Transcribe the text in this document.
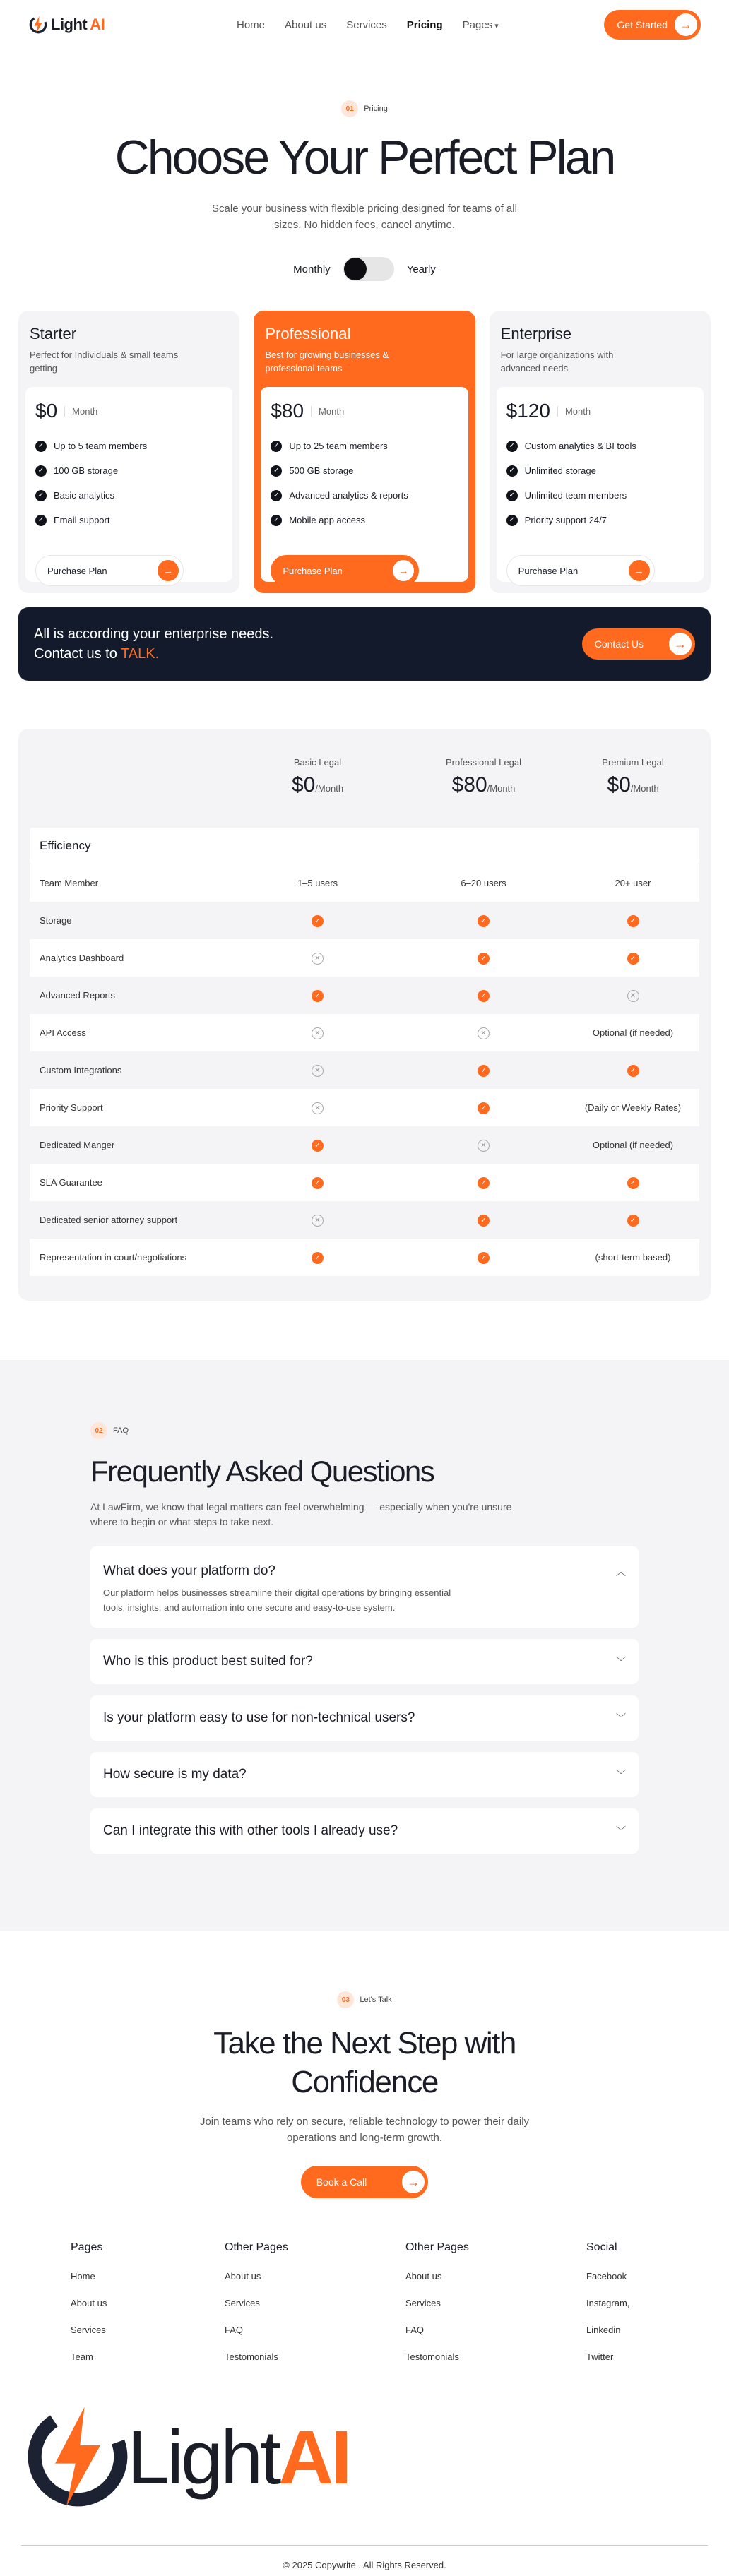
Light AI	Home About us Services Pricing Pages ▾	Get Started →
01	Pricing
Choose Your Perfect Plan

Scale your business with flexible pricing designed for teams of all sizes. No hidden fees, cancel anytime.

Monthly	Yearly
Starter

Perfect for Individuals & small teams getting

$0	Month
✓ Up to 5 team members
✓ 100 GB storage
✓ Basic analytics
✓ Email support
Purchase Plan	→
Professional

Best for growing businesses & professional teams

$80	Month
✓ Up to 25 team members
✓ 500 GB storage
✓ Advanced analytics & reports
✓ Mobile app access
Purchase Plan	→
Enterprise

For large organizations with advanced needs

$120	Month
✓ Custom analytics & BI tools
✓ Unlimited storage
✓ Unlimited team members
✓ Priority support 24/7
Purchase Plan	→

All is according your enterprise needs.
Contact us to TALK.

Contact Us	→
Basic Legal
$0/Month
Professional Legal
$80/Month
Premium Legal
$0/Month
Efficiency
Team Member	1–5 users	6–20 users	20+ user
Storage	✓	✓	✓
Analytics Dashboard	✕	✓	✓
Advanced Reports	✓	✓	✕
API Access	✕	✕	Optional (if needed)
Custom Integrations	✕	✓	✓
Priority Support	✕	✓	(Daily or Weekly Rates)
Dedicated Manger	✓	✕	Optional (if needed)
SLA Guarantee	✓	✓	✓
Dedicated senior attorney support	✕	✓	✓
Representation in court/negotiations	✓	✓	(short-term based)
02	FAQ
Frequently Asked Questions

At LawFirm, we know that legal matters can feel overwhelming — especially when you're unsure where to begin or what steps to take next.

What does your platform do?	︿

Our platform helps businesses streamline their digital operations by bringing essential tools, insights, and automation into one secure and easy-to-use system.

Who is this product best suited for?	﹀
Is your platform easy to use for non-technical users?	﹀
How secure is my data?	﹀
Can I integrate this with other tools I already use?	﹀
03	Let's Talk
Take the Next Step with
Confidence

Join teams who rely on secure, reliable technology to power their daily operations and long-term growth.

Book a Call	→
Pages
Home
About us
Services
Team
Other Pages
About us
Services
FAQ
Testomonials
Other Pages
About us
Services
FAQ
Testomonials
Social
Facebook
Instagram,
Linkedin
Twitter
Light AI
© 2025 Copywrite . All Rights Reserved.
